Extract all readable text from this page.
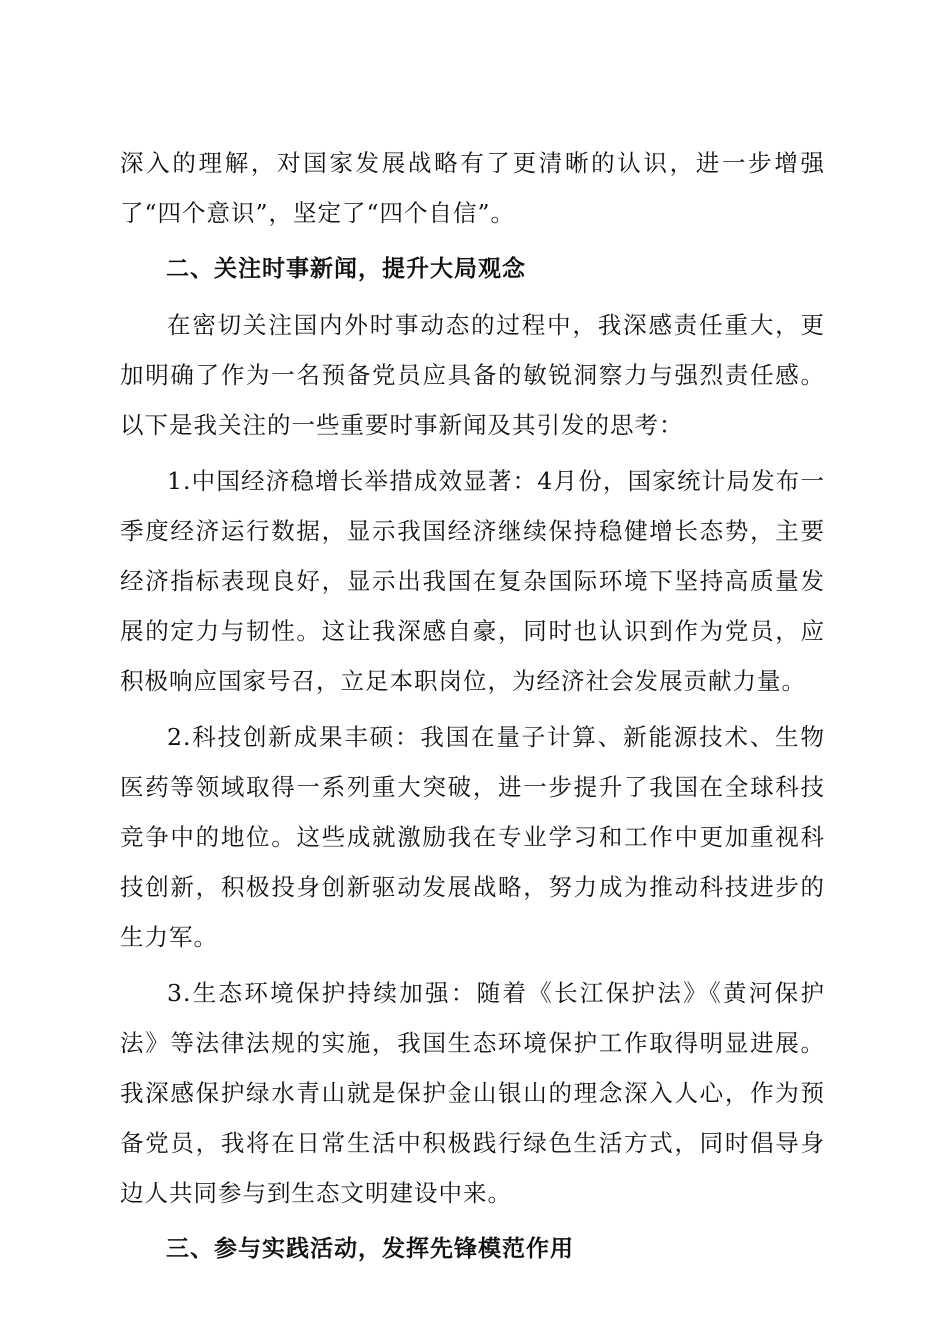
深入的理解，对国家发展战略有了更清晰的认识，进一步增强了“四个意识”，坚定了“四个自信”。

二、关注时事新闻，提升大局观念

在密切关注国内外时事动态的过程中，我深感责任重大，更加明确了作为一名预备党员应具备的敏锐洞察力与强烈责任感。以下是我关注的一些重要时事新闻及其引发的思考：

1.中国经济稳增长举措成效显著：4月份，国家统计局发布一季度经济运行数据，显示我国经济继续保持稳健增长态势，主要经济指标表现良好，显示出我国在复杂国际环境下坚持高质量发展的定力与韧性。这让我深感自豪，同时也认识到作为党员，应积极响应国家号召，立足本职岗位，为经济社会发展贡献力量。

2.科技创新成果丰硕：我国在量子计算、新能源技术、生物医药等领域取得一系列重大突破，进一步提升了我国在全球科技竞争中的地位。这些成就激励我在专业学习和工作中更加重视科技创新，积极投身创新驱动发展战略，努力成为推动科技进步的生力军。

3.生态环境保护持续加强：随着《长江保护法》《黄河保护法》等法律法规的实施，我国生态环境保护工作取得明显进展。我深感保护绿水青山就是保护金山银山的理念深入人心，作为预备党员，我将在日常生活中积极践行绿色生活方式，同时倡导身边人共同参与到生态文明建设中来。

三、参与实践活动，发挥先锋模范作用
